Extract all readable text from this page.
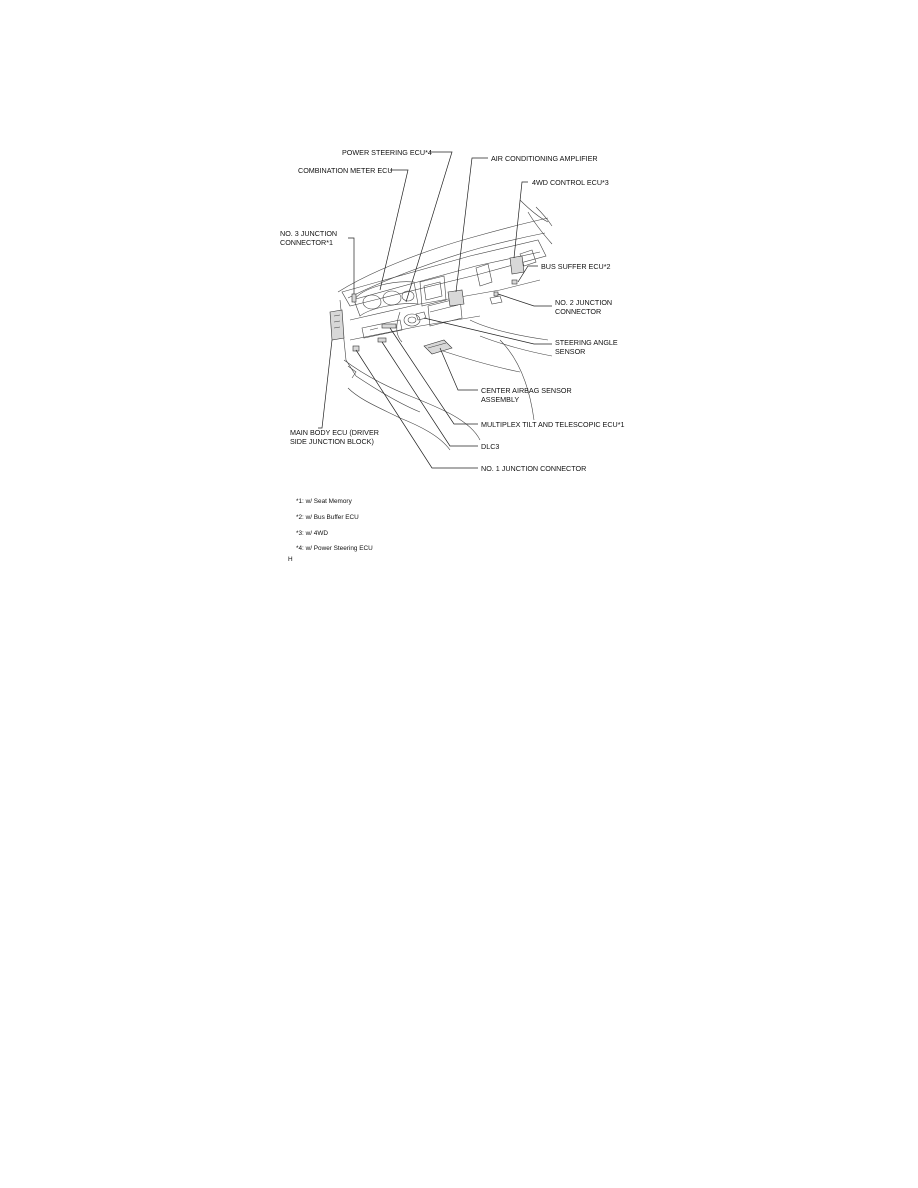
POWER STEERING ECU*4
AIR CONDITIONING AMPLIFIER
COMBINATION METER ECU
4WD CONTROL ECU*3
NO. 3 JUNCTION
CONNECTOR*1
BUS SUFFER ECU*2
NO. 2 JUNCTION
CONNECTOR
STEERING ANGLE
SENSOR
CENTER AIRBAG SENSOR
ASSEMBLY
MULTIPLEX TILT AND TELESCOPIC ECU*1
MAIN BODY ECU (DRIVER
SIDE JUNCTION BLOCK)
DLC3
NO. 1 JUNCTION CONNECTOR
*1: w/ Seat Memory
*2: w/ Bus Buffer ECU
*3: w/ 4WD
*4: w/ Power Steering ECU
H
